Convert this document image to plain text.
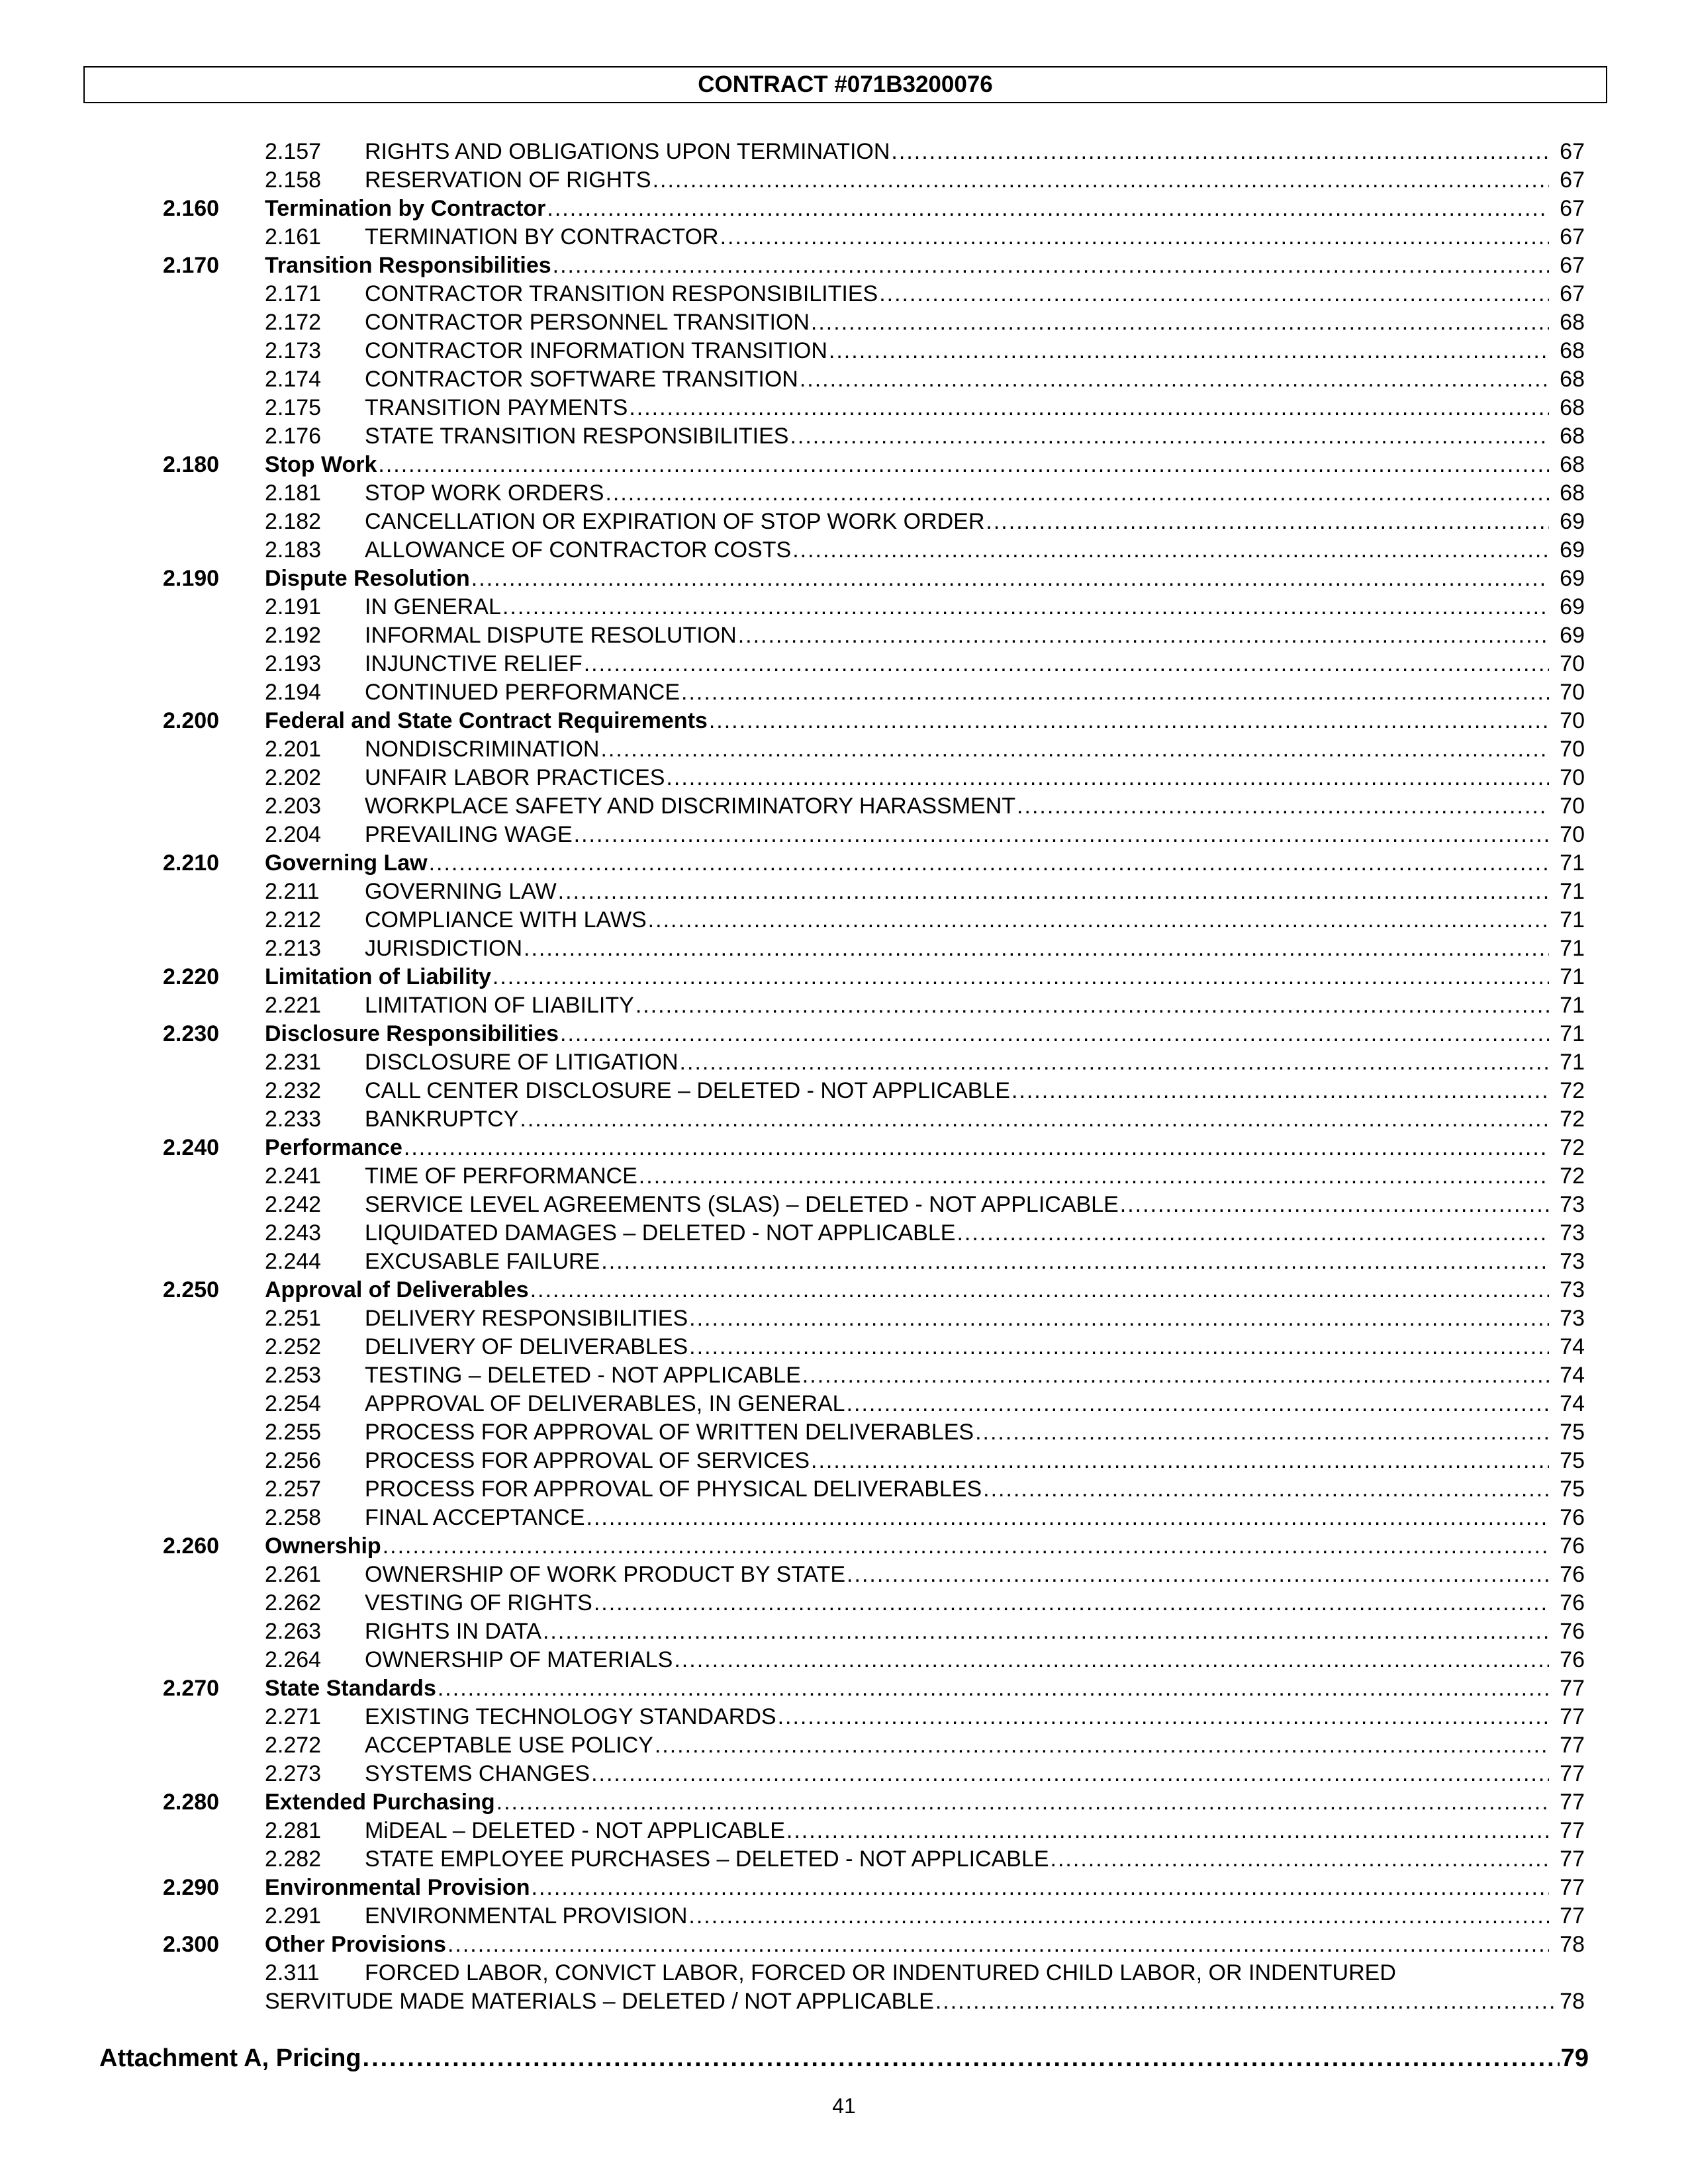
CONTRACT #071B3200076
2.157	RIGHTS AND OBLIGATIONS UPON TERMINATION .....	67
2.158	RESERVATION OF RIGHTS .....	67
2.160	Termination by Contractor .....	67
2.161	TERMINATION BY CONTRACTOR .....	67
2.170	Transition Responsibilities .....	67
2.171	CONTRACTOR TRANSITION RESPONSIBILITIES .....	67
2.172	CONTRACTOR PERSONNEL TRANSITION .....	68
2.173	CONTRACTOR INFORMATION TRANSITION .....	68
2.174	CONTRACTOR SOFTWARE TRANSITION .....	68
2.175	TRANSITION PAYMENTS .....	68
2.176	STATE TRANSITION RESPONSIBILITIES .....	68
2.180	Stop Work .....	68
2.181	STOP WORK ORDERS .....	68
2.182	CANCELLATION OR EXPIRATION OF STOP WORK ORDER .....	69
2.183	ALLOWANCE OF CONTRACTOR COSTS .....	69
2.190	Dispute Resolution .....	69
2.191	IN GENERAL .....	69
2.192	INFORMAL DISPUTE RESOLUTION .....	69
2.193	INJUNCTIVE RELIEF .....	70
2.194	CONTINUED PERFORMANCE .....	70
2.200	Federal and State Contract Requirements .....	70
2.201	NONDISCRIMINATION .....	70
2.202	UNFAIR LABOR PRACTICES .....	70
2.203	WORKPLACE SAFETY AND DISCRIMINATORY HARASSMENT .....	70
2.204	PREVAILING WAGE .....	70
2.210	Governing Law .....	71
2.211	GOVERNING LAW .....	71
2.212	COMPLIANCE WITH LAWS .....	71
2.213	JURISDICTION .....	71
2.220	Limitation of Liability .....	71
2.221	LIMITATION OF LIABILITY .....	71
2.230	Disclosure Responsibilities .....	71
2.231	DISCLOSURE OF LITIGATION .....	71
2.232	CALL CENTER DISCLOSURE – DELETED - NOT APPLICABLE .....	72
2.233	BANKRUPTCY .....	72
2.240	Performance .....	72
2.241	TIME OF PERFORMANCE .....	72
2.242	SERVICE LEVEL AGREEMENTS (SLAS) – DELETED - NOT APPLICABLE .....	73
2.243	LIQUIDATED DAMAGES – DELETED - NOT APPLICABLE .....	73
2.244	EXCUSABLE FAILURE .....	73
2.250	Approval of Deliverables .....	73
2.251	DELIVERY RESPONSIBILITIES .....	73
2.252	DELIVERY OF DELIVERABLES .....	74
2.253	TESTING – DELETED - NOT APPLICABLE .....	74
2.254	APPROVAL OF DELIVERABLES, IN GENERAL .....	74
2.255	PROCESS FOR APPROVAL OF WRITTEN DELIVERABLES .....	75
2.256	PROCESS FOR APPROVAL OF SERVICES .....	75
2.257	PROCESS FOR APPROVAL OF PHYSICAL DELIVERABLES .....	75
2.258	FINAL ACCEPTANCE .....	76
2.260	Ownership .....	76
2.261	OWNERSHIP OF WORK PRODUCT BY STATE .....	76
2.262	VESTING OF RIGHTS .....	76
2.263	RIGHTS IN DATA .....	76
2.264	OWNERSHIP OF MATERIALS .....	76
2.270	State Standards .....	77
2.271	EXISTING TECHNOLOGY STANDARDS .....	77
2.272	ACCEPTABLE USE POLICY .....	77
2.273	SYSTEMS CHANGES .....	77
2.280	Extended Purchasing .....	77
2.281	MiDEAL – DELETED - NOT APPLICABLE .....	77
2.282	STATE EMPLOYEE PURCHASES – DELETED - NOT APPLICABLE .....	77
2.290	Environmental Provision .....	77
2.291	ENVIRONMENTAL PROVISION .....	77
2.300	Other Provisions .....	78
2.311	FORCED LABOR, CONVICT LABOR, FORCED OR INDENTURED CHILD LABOR, OR INDENTURED
SERVITUDE MADE MATERIALS – DELETED / NOT APPLICABLE .....	78
Attachment A, Pricing .....	79
41
